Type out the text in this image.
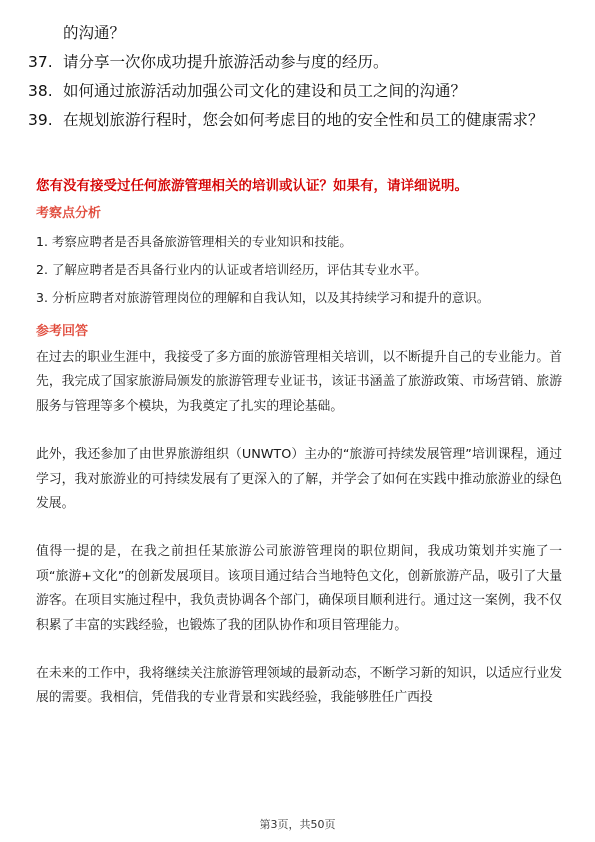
的沟通？
37. 请分享一次你成功提升旅游活动参与度的经历。
38. 如何通过旅游活动加强公司文化的建设和员工之间的沟通？
39. 在规划旅游行程时，您会如何考虑目的地的安全性和员工的健康需求？

您有没有接受过任何旅游管理相关的培训或认证？如果有，请详细说明。

考察点分析

1. 考察应聘者是否具备旅游管理相关的专业知识和技能。
2. 了解应聘者是否具备行业内的认证或者培训经历，评估其专业水平。
3. 分析应聘者对旅游管理岗位的理解和自我认知，以及其持续学习和提升的意识。

参考回答

在过去的职业生涯中，我接受了多方面的旅游管理相关培训，以不断提升自己的专业能力。首先，我完成了国家旅游局颁发的旅游管理专业证书，该证书涵盖了旅游政策、市场营销、旅游服务与管理等多个模块，为我奠定了扎实的理论基础。

此外，我还参加了由世界旅游组织（UNWTO）主办的“旅游可持续发展管理”培训课程，通过学习，我对旅游业的可持续发展有了更深入的了解，并学会了如何在实践中推动旅游业的绿色发展。

值得一提的是，在我之前担任某旅游公司旅游管理岗的职位期间，我成功策划并实施了一项“旅游+文化”的创新发展项目。该项目通过结合当地特色文化，创新旅游产品，吸引了大量游客。在项目实施过程中，我负责协调各个部门，确保项目顺利进行。通过这一案例，我不仅积累了丰富的实践经验，也锻炼了我的团队协作和项目管理能力。

在未来的工作中，我将继续关注旅游管理领域的最新动态，不断学习新的知识，以适应行业发展的需要。我相信，凭借我的专业背景和实践经验，我能够胜任广西投

第3页，共50页
